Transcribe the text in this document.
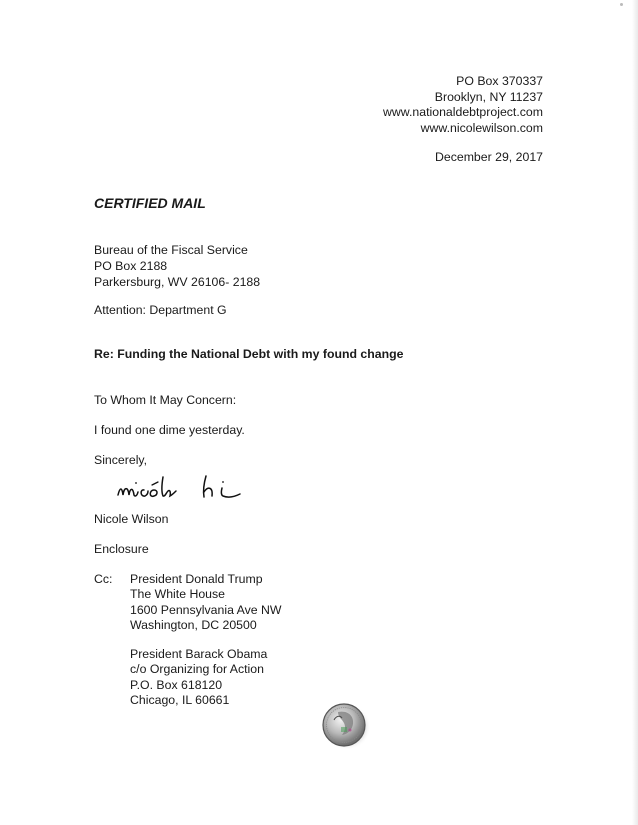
PO Box 370337
Brooklyn, NY 11237
www.nationaldebtproject.com
www.nicolewilson.com
December 29, 2017
CERTIFIED MAIL
Bureau of the Fiscal Service
PO Box 2188
Parkersburg, WV 26106- 2188
Attention: Department G
Re: Funding the National Debt with my found change
To Whom It May Concern:
I found one dime yesterday.
Sincerely,
Nicole Wilson
Enclosure
Cc: President Donald Trump
The White House
1600 Pennsylvania Ave NW
Washington, DC 20500
President Barack Obama
c/o Organizing for Action
P.O. Box 618120
Chicago, IL 60661
